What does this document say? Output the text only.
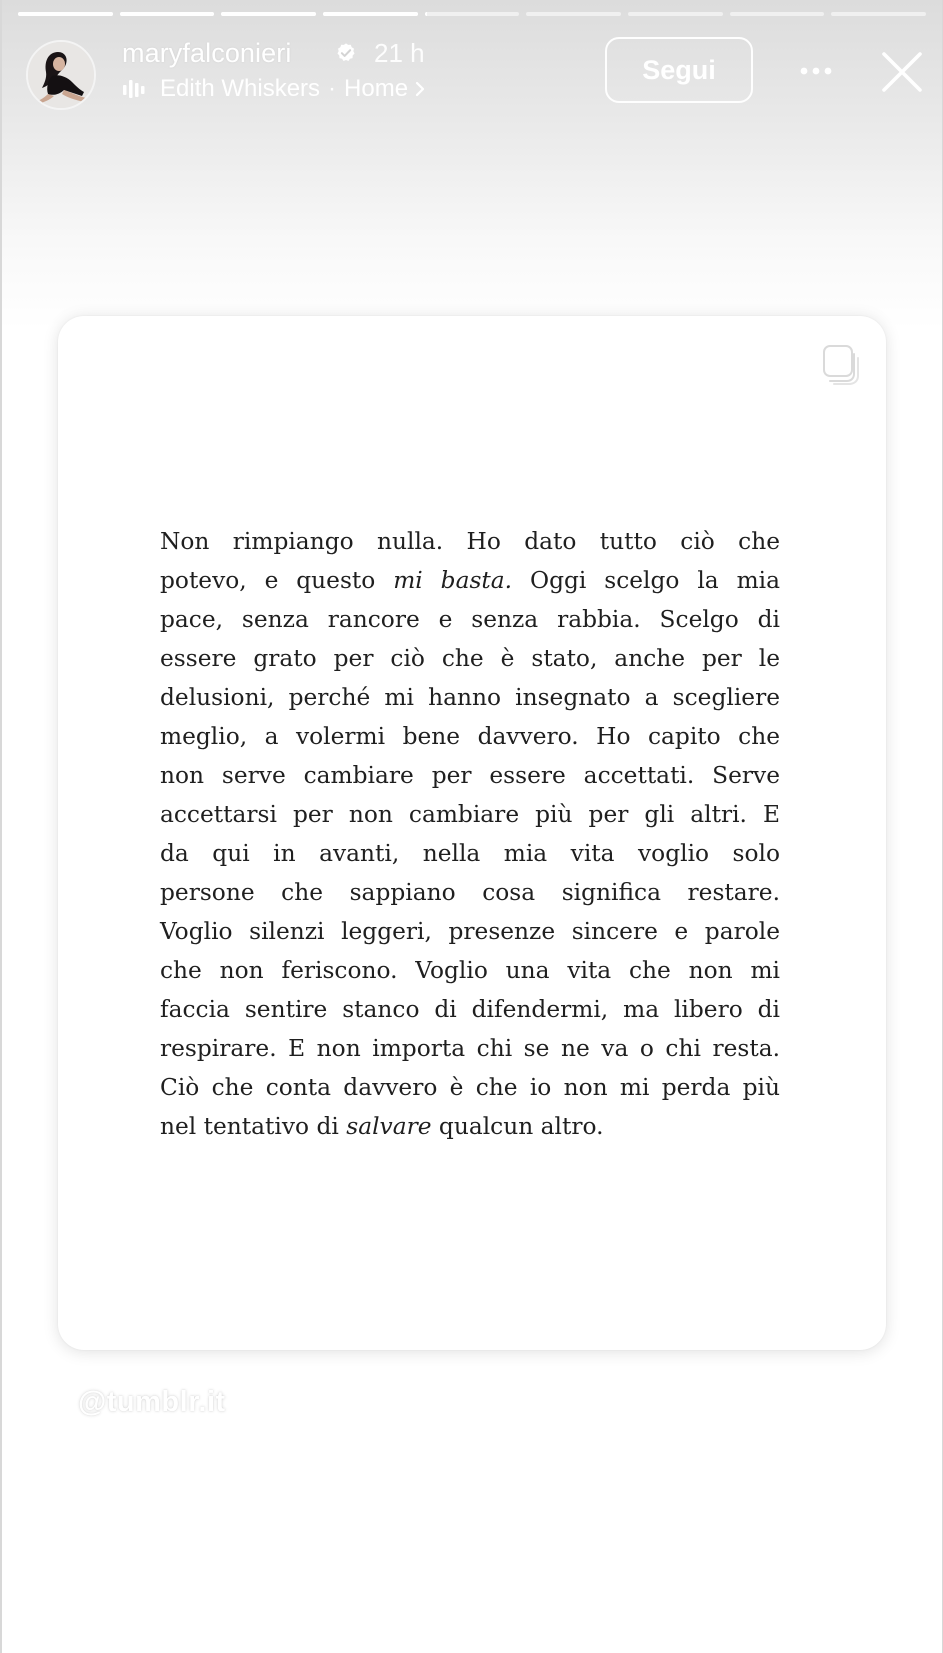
maryfalconieri	21 h
Edith Whiskers · Home
Segui
Non rimpiango nulla. Ho dato tutto ciò che
potevo, e questo mi basta. Oggi scelgo la mia
pace, senza rancore e senza rabbia. Scelgo di
essere grato per ciò che è stato, anche per le
delusioni, perché mi hanno insegnato a scegliere
meglio, a volermi bene davvero. Ho capito che
non serve cambiare per essere accettati. Serve
accettarsi per non cambiare più per gli altri. E
da qui in avanti, nella mia vita voglio solo
persone che sappiano cosa significa restare.
Voglio silenzi leggeri, presenze sincere e parole
che non feriscono. Voglio una vita che non mi
faccia sentire stanco di difendermi, ma libero di
respirare. E non importa chi se ne va o chi resta.
Ciò che conta davvero è che io non mi perda più
nel tentativo di salvare qualcun altro.
@tumblr.it
